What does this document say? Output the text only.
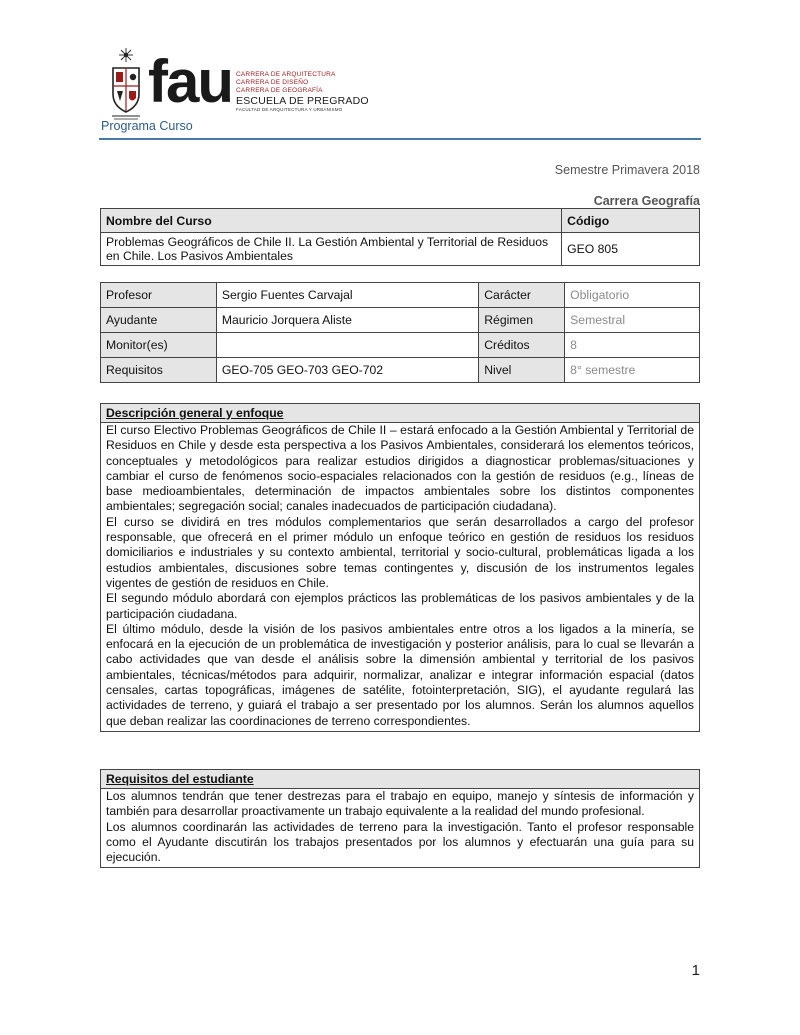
fau CARRERA DE ARQUITECTURA
CARRERA DE DISEÑO
CARRERA DE GEOGRAFÍA
ESCUELA DE PREGRADO
FACULTAD DE ARQUITECTURA Y URBANISMO
Programa Curso
Semestre Primavera 2018
Carrera Geografía
Nombre del Curso	Código
Problemas Geográficos de Chile II. La Gestión Ambiental y Territorial de Residuos en Chile. Los Pasivos Ambientales	GEO 805
Profesor	Sergio Fuentes Carvajal	Carácter	Obligatorio
Ayudante	Mauricio Jorquera Aliste	Régimen	Semestral
Monitor(es)		Créditos	8
Requisitos	GEO-705 GEO-703 GEO-702	Nivel	8° semestre
Descripción general y enfoque

El curso Electivo Problemas Geográficos de Chile II – estará enfocado a la Gestión Ambiental y Territorial de Residuos en Chile y desde esta perspectiva a los Pasivos Ambientales, considerará los elementos teóricos, conceptuales y metodológicos para realizar estudios dirigidos a diagnosticar problemas/situaciones y cambiar el curso de fenómenos socio-espaciales relacionados con la gestión de residuos (e.g., líneas de base medioambientales, determinación de impactos ambientales sobre los distintos componentes ambientales; segregación social; canales inadecuados de participación ciudadana).

El curso se dividirá en tres módulos complementarios que serán desarrollados a cargo del profesor responsable, que ofrecerá en el primer módulo un enfoque teórico en gestión de residuos los residuos domiciliarios e industriales y su contexto ambiental, territorial y socio-cultural, problemáticas ligada a los estudios ambientales, discusiones sobre temas contingentes y, discusión de los instrumentos legales vigentes de gestión de residuos en Chile.

El segundo módulo abordará con ejemplos prácticos las problemáticas de los pasivos ambientales y de la participación ciudadana.

El último módulo, desde la visión de los pasivos ambientales entre otros a los ligados a la minería, se enfocará en la ejecución de un problemática de investigación y posterior análisis, para lo cual se llevarán a cabo actividades que van desde el análisis sobre la dimensión ambiental y territorial de los pasivos ambientales, técnicas/métodos para adquirir, normalizar, analizar e integrar información espacial (datos censales, cartas topográficas, imágenes de satélite, fotointerpretación, SIG), el ayudante regulará las actividades de terreno, y guiará el trabajo a ser presentado por los alumnos. Serán los alumnos aquellos que deban realizar las coordinaciones de terreno correspondientes.

Requisitos del estudiante

Los alumnos tendrán que tener destrezas para el trabajo en equipo, manejo y síntesis de información y también para desarrollar proactivamente un trabajo equivalente a la realidad del mundo profesional.

Los alumnos coordinarán las actividades de terreno para la investigación. Tanto el profesor responsable como el Ayudante discutirán los trabajos presentados por los alumnos y efectuarán una guía para su ejecución.

1
